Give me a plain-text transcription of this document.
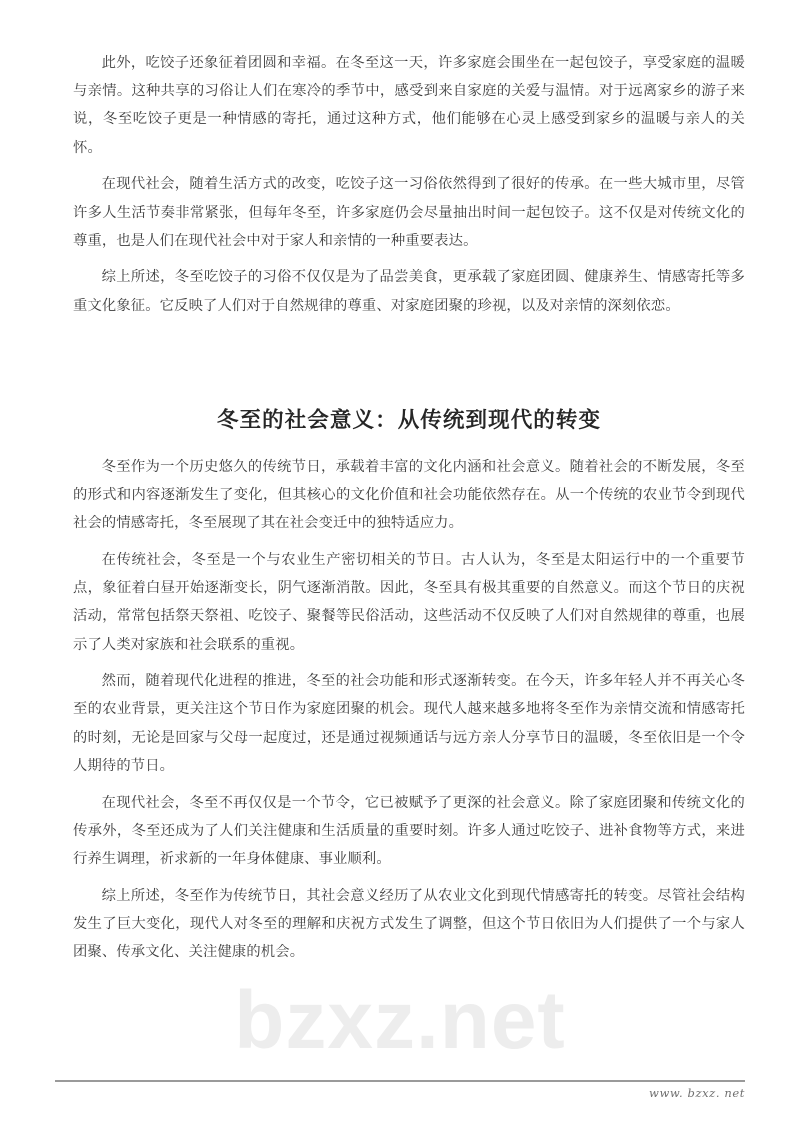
bzxz.net

此外，吃饺子还象征着团圆和幸福。在冬至这一天，许多家庭会围坐在一起包饺子，享受家庭的温暖与亲情。这种共享的习俗让人们在寒冷的季节中，感受到来自家庭的关爱与温情。对于远离家乡的游子来说，冬至吃饺子更是一种情感的寄托，通过这种方式，他们能够在心灵上感受到家乡的温暖与亲人的关怀。

在现代社会，随着生活方式的改变，吃饺子这一习俗依然得到了很好的传承。在一些大城市里，尽管许多人生活节奏非常紧张，但每年冬至，许多家庭仍会尽量抽出时间一起包饺子。这不仅是对传统文化的尊重，也是人们在现代社会中对于家人和亲情的一种重要表达。

综上所述，冬至吃饺子的习俗不仅仅是为了品尝美食，更承载了家庭团圆、健康养生、情感寄托等多重文化象征。它反映了人们对于自然规律的尊重、对家庭团聚的珍视，以及对亲情的深刻依恋。

冬至的社会意义：从传统到现代的转变

冬至作为一个历史悠久的传统节日，承载着丰富的文化内涵和社会意义。随着社会的不断发展，冬至的形式和内容逐渐发生了变化，但其核心的文化价值和社会功能依然存在。从一个传统的农业节令到现代社会的情感寄托，冬至展现了其在社会变迁中的独特适应力。

在传统社会，冬至是一个与农业生产密切相关的节日。古人认为，冬至是太阳运行中的一个重要节点，象征着白昼开始逐渐变长，阴气逐渐消散。因此，冬至具有极其重要的自然意义。而这个节日的庆祝活动，常常包括祭天祭祖、吃饺子、聚餐等民俗活动，这些活动不仅反映了人们对自然规律的尊重，也展示了人类对家族和社会联系的重视。

然而，随着现代化进程的推进，冬至的社会功能和形式逐渐转变。在今天，许多年轻人并不再关心冬至的农业背景，更关注这个节日作为家庭团聚的机会。现代人越来越多地将冬至作为亲情交流和情感寄托的时刻，无论是回家与父母一起度过，还是通过视频通话与远方亲人分享节日的温暖，冬至依旧是一个令人期待的节日。

在现代社会，冬至不再仅仅是一个节令，它已被赋予了更深的社会意义。除了家庭团聚和传统文化的传承外，冬至还成为了人们关注健康和生活质量的重要时刻。许多人通过吃饺子、进补食物等方式，来进行养生调理，祈求新的一年身体健康、事业顺利。

综上所述，冬至作为传统节日，其社会意义经历了从农业文化到现代情感寄托的转变。尽管社会结构发生了巨大变化，现代人对冬至的理解和庆祝方式发生了调整，但这个节日依旧为人们提供了一个与家人团聚、传承文化、关注健康的机会。

www. bzxz. net
